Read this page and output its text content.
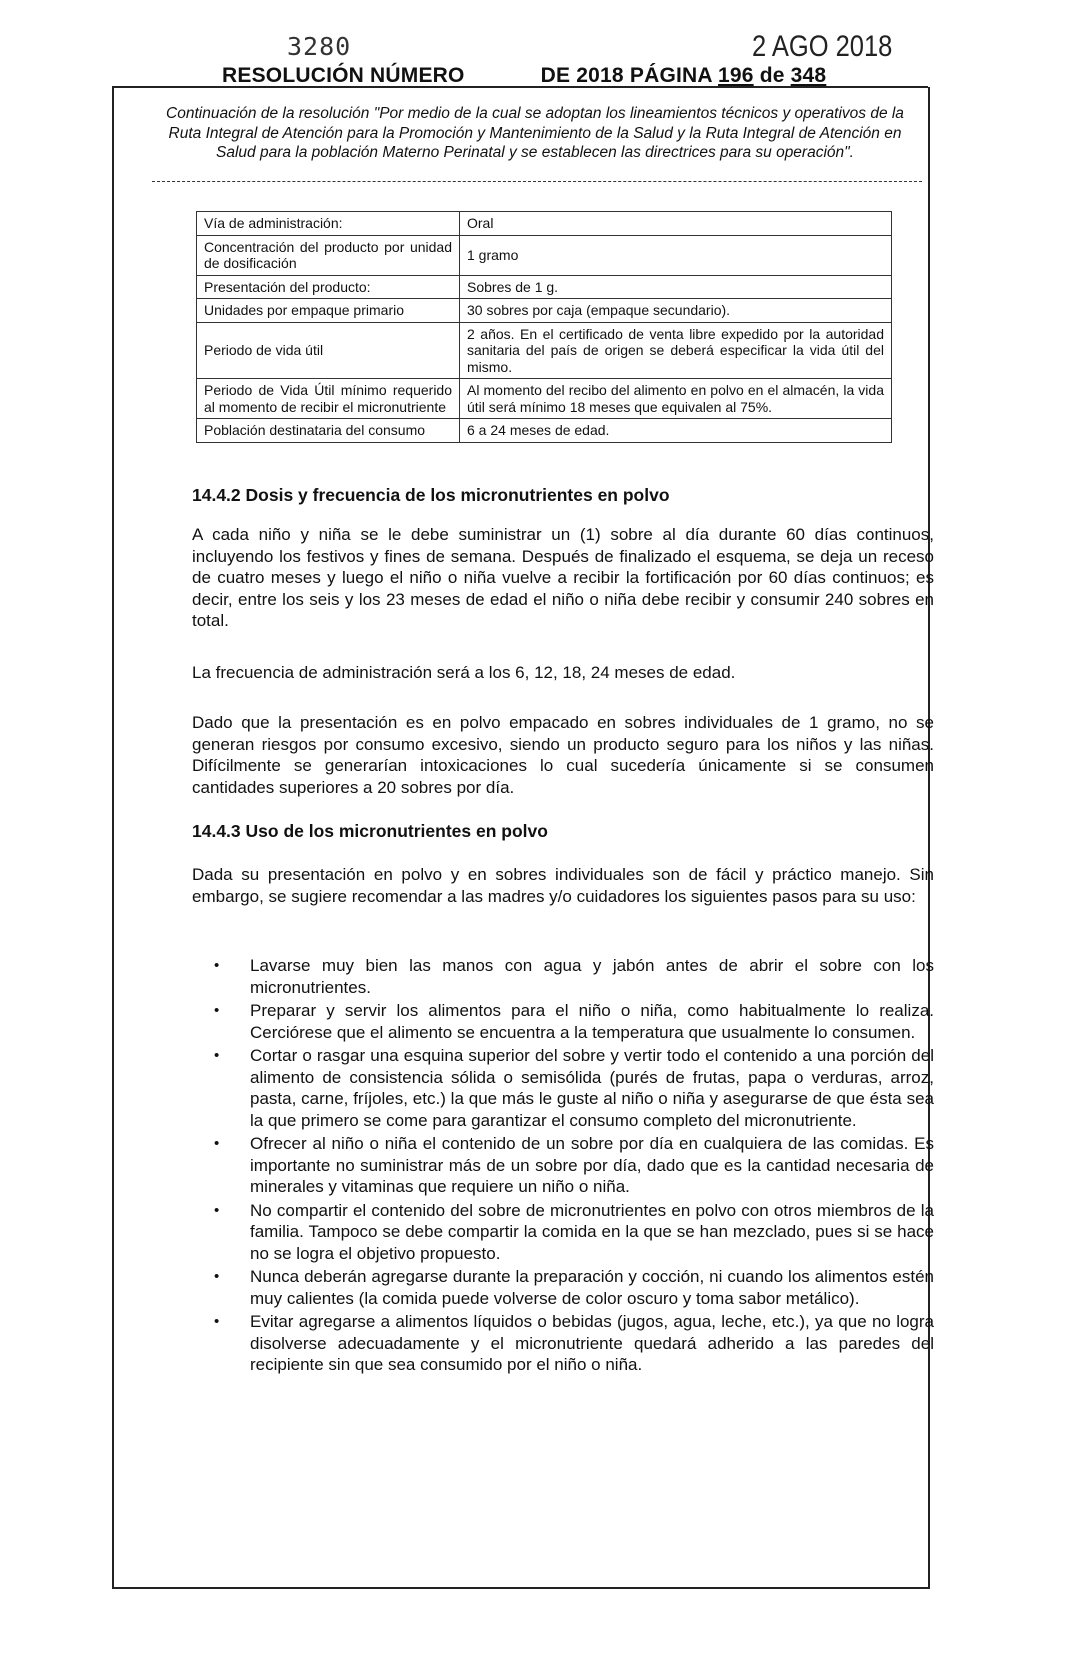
3280	2 AGO 2018
RESOLUCIÓN NÚMERO	DE 2018 PÁGINA 196 de 348
Continuación de la resolución "Por medio de la cual se adoptan los lineamientos técnicos y operativos de la Ruta Integral de Atención para la Promoción y Mantenimiento de la Salud y la Ruta Integral de Atención en Salud para la población Materno Perinatal y se establecen las directrices para su operación".
Vía de administración:	Oral
Concentración del producto por unidad de dosificación	1 gramo
Presentación del producto:	Sobres de 1 g.
Unidades por empaque primario	30 sobres por caja (empaque secundario).
Periodo de vida útil	2 años. En el certificado de venta libre expedido por la autoridad sanitaria del país de origen se deberá especificar la vida útil del mismo.
Periodo de Vida Útil mínimo requerido al momento de recibir el micronutriente	Al momento del recibo del alimento en polvo en el almacén, la vida útil será mínimo 18 meses que equivalen al 75%.
Población destinataria del consumo	6 a 24 meses de edad.
14.4.2 Dosis y frecuencia de los micronutrientes en polvo

A cada niño y niña se le debe suministrar un (1) sobre al día durante 60 días continuos, incluyendo los festivos y fines de semana. Después de finalizado el esquema, se deja un receso de cuatro meses y luego el niño o niña vuelve a recibir la fortificación por 60 días continuos; es decir, entre los seis y los 23 meses de edad el niño o niña debe recibir y consumir 240 sobres en total.

La frecuencia de administración será a los 6, 12, 18, 24 meses de edad.

Dado que la presentación es en polvo empacado en sobres individuales de 1 gramo, no se generan riesgos por consumo excesivo, siendo un producto seguro para los niños y las niñas. Difícilmente se generarían intoxicaciones lo cual sucedería únicamente si se consumen cantidades superiores a 20 sobres por día.

14.4.3 Uso de los micronutrientes en polvo

Dada su presentación en polvo y en sobres individuales son de fácil y práctico manejo. Sin embargo, se sugiere recomendar a las madres y/o cuidadores los siguientes pasos para su uso:

• Lavarse muy bien las manos con agua y jabón antes de abrir el sobre con los micronutrientes.
• Preparar y servir los alimentos para el niño o niña, como habitualmente lo realiza. Cerciórese que el alimento se encuentra a la temperatura que usualmente lo consumen.
• Cortar o rasgar una esquina superior del sobre y vertir todo el contenido a una porción del alimento de consistencia sólida o semisólida (purés de frutas, papa o verduras, arroz, pasta, carne, fríjoles, etc.) la que más le guste al niño o niña y asegurarse de que ésta sea la que primero se come para garantizar el consumo completo del micronutriente.
• Ofrecer al niño o niña el contenido de un sobre por día en cualquiera de las comidas. Es importante no suministrar más de un sobre por día, dado que es la cantidad necesaria de minerales y vitaminas que requiere un niño o niña.
• No compartir el contenido del sobre de micronutrientes en polvo con otros miembros de la familia. Tampoco se debe compartir la comida en la que se han mezclado, pues si se hace no se logra el objetivo propuesto.
• Nunca deberán agregarse durante la preparación y cocción, ni cuando los alimentos estén muy calientes (la comida puede volverse de color oscuro y toma sabor metálico).
• Evitar agregarse a alimentos líquidos o bebidas (jugos, agua, leche, etc.), ya que no logra disolverse adecuadamente y el micronutriente quedará adherido a las paredes del recipiente sin que sea consumido por el niño o niña.
